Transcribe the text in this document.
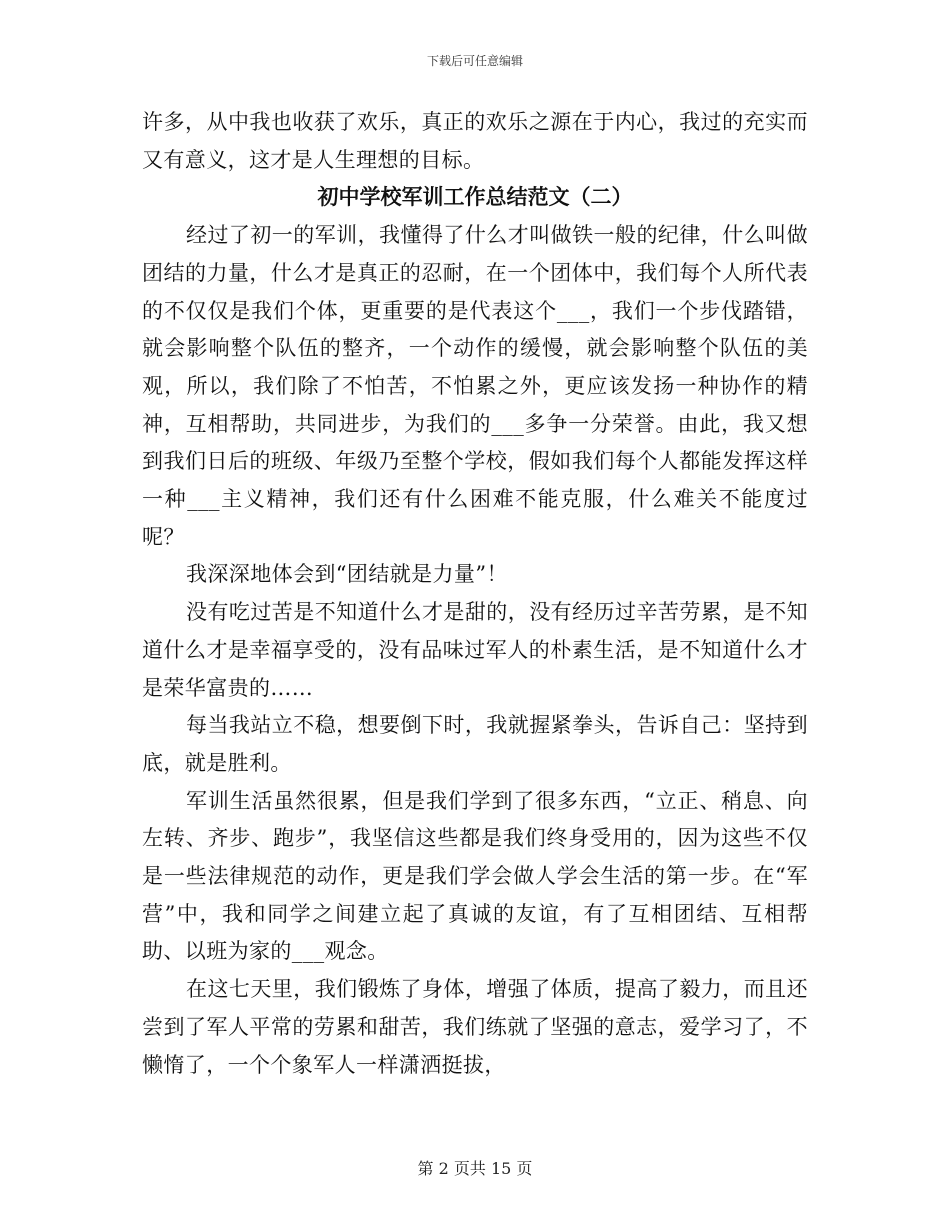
下载后可任意编辑

许多，从中我也收获了欢乐，真正的欢乐之源在于内心，我过的充实而又有意义，这才是人生理想的目标。

初中学校军训工作总结范文（二）

经过了初一的军训，我懂得了什么才叫做铁一般的纪律，什么叫做团结的力量，什么才是真正的忍耐，在一个团体中，我们每个人所代表的不仅仅是我们个体，更重要的是代表这个___，我们一个步伐踏错，就会影响整个队伍的整齐，一个动作的缓慢，就会影响整个队伍的美观，所以，我们除了不怕苦，不怕累之外，更应该发扬一种协作的精神，互相帮助，共同进步，为我们的___多争一分荣誉。由此，我又想到我们日后的班级、年级乃至整个学校，假如我们每个人都能发挥这样一种___主义精神，我们还有什么困难不能克服，什么难关不能度过呢？

我深深地体会到“团结就是力量”！

没有吃过苦是不知道什么才是甜的，没有经历过辛苦劳累，是不知道什么才是幸福享受的，没有品味过军人的朴素生活，是不知道什么才是荣华富贵的……

每当我站立不稳，想要倒下时，我就握紧拳头，告诉自己：坚持到底，就是胜利。

军训生活虽然很累，但是我们学到了很多东西，“立正、稍息、向左转、齐步、跑步”，我坚信这些都是我们终身受用的，因为这些不仅是一些法律规范的动作，更是我们学会做人学会生活的第一步。在“军营”中，我和同学之间建立起了真诚的友谊，有了互相团结、互相帮助、以班为家的___观念。

在这七天里，我们锻炼了身体，增强了体质，提高了毅力，而且还尝到了军人平常的劳累和甜苦，我们练就了坚强的意志，爱学习了，不懒惰了，一个个象军人一样潇洒挺拔，

第 2 页共 15 页
